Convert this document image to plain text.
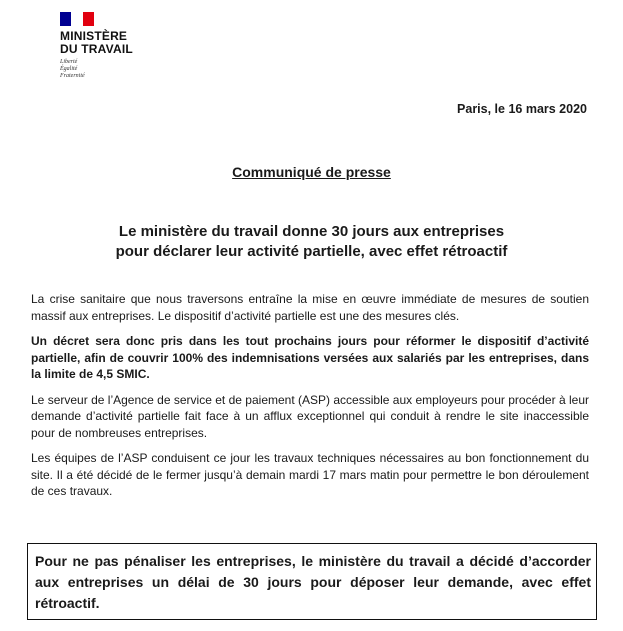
MINISTÈRE
DU TRAVAIL
Liberté
Égalité
Fraternité
Paris, le 16 mars 2020
Communiqué de presse
Le ministère du travail donne 30 jours aux entreprises
pour déclarer leur activité partielle, avec effet rétroactif

La crise sanitaire que nous traversons entraîne la mise en œuvre immédiate de mesures de soutien massif aux entreprises. Le dispositif d’activité partielle est une des mesures clés.

Un décret sera donc pris dans les tout prochains jours pour réformer le dispositif d’activité partielle, afin de couvrir 100% des indemnisations versées aux salariés par les entreprises, dans la limite de 4,5 SMIC.

Le serveur de l’Agence de service et de paiement (ASP) accessible aux employeurs pour procéder à leur demande d’activité partielle fait face à un afflux exceptionnel qui conduit à rendre le site inaccessible pour de nombreuses entreprises.

Les équipes de l’ASP conduisent ce jour les travaux techniques nécessaires au bon fonctionnement du site. Il a été décidé de le fermer jusqu’à demain mardi 17 mars matin pour permettre le bon déroulement de ces travaux.

Pour ne pas pénaliser les entreprises, le ministère du travail a décidé d’accorder aux entreprises un délai de 30 jours pour déposer leur demande, avec effet rétroactif.
